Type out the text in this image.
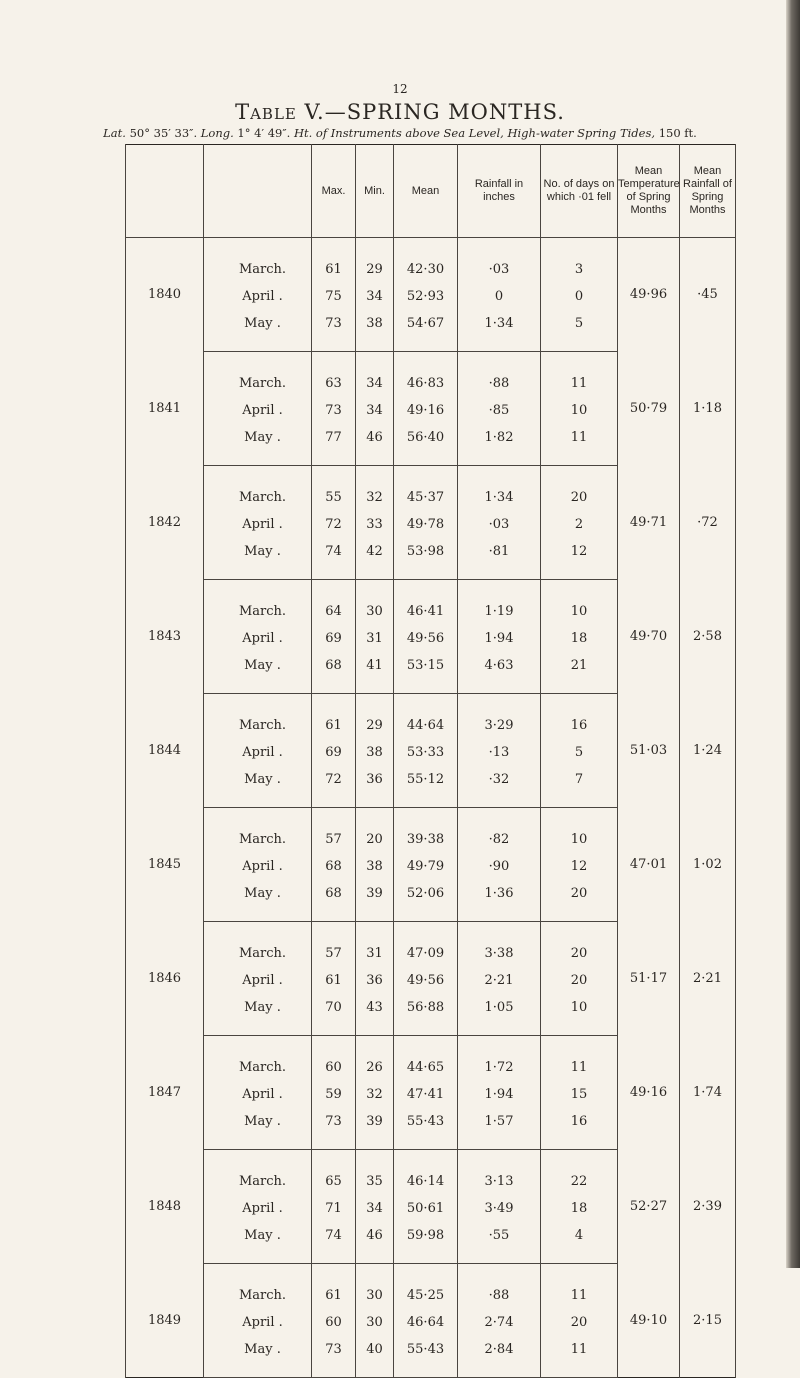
12
Table V.—SPRING MONTHS.
Lat. 50° 35′ 33″. Long. 1° 4′ 49″. Ht. of Instruments above Sea Level, High-water Spring Tides, 150 ft.
		Max.	Min.	Mean	Rainfall in inches	No. of days on which ·01 fell	Mean Temperature of Spring Months	Mean Rainfall of Spring Months
1840	March.	61	29	42·30	·03	3	49·96	·45
	April .	75	34	52·93	0	0		
	May .	73	38	54·67	1·34	5		
1841	March.	63	34	46·83	·88	11	50·79	1·18
	April .	73	34	49·16	·85	10		
	May .	77	46	56·40	1·82	11		
1842	March.	55	32	45·37	1·34	20	49·71	·72
	April .	72	33	49·78	·03	2		
	May .	74	42	53·98	·81	12		
1843	March.	64	30	46·41	1·19	10	49·70	2·58
	April .	69	31	49·56	1·94	18		
	May .	68	41	53·15	4·63	21		
1844	March.	61	29	44·64	3·29	16	51·03	1·24
	April .	69	38	53·33	·13	5		
	May .	72	36	55·12	·32	7		
1845	March.	57	20	39·38	·82	10	47·01	1·02
	April .	68	38	49·79	·90	12		
	May .	68	39	52·06	1·36	20		
1846	March.	57	31	47·09	3·38	20	51·17	2·21
	April .	61	36	49·56	2·21	20		
	May .	70	43	56·88	1·05	10		
1847	March.	60	26	44·65	1·72	11	49·16	1·74
	April .	59	32	47·41	1·94	15		
	May .	73	39	55·43	1·57	16		
1848	March.	65	35	46·14	3·13	22	52·27	2·39
	April .	71	34	50·61	3·49	18		
	May .	74	46	59·98	·55	4		
1849	March.	61	30	45·25	·88	11	49·10	2·15
	April .	60	30	46·64	2·74	20		
	May .	73	40	55·43	2·84	11		
